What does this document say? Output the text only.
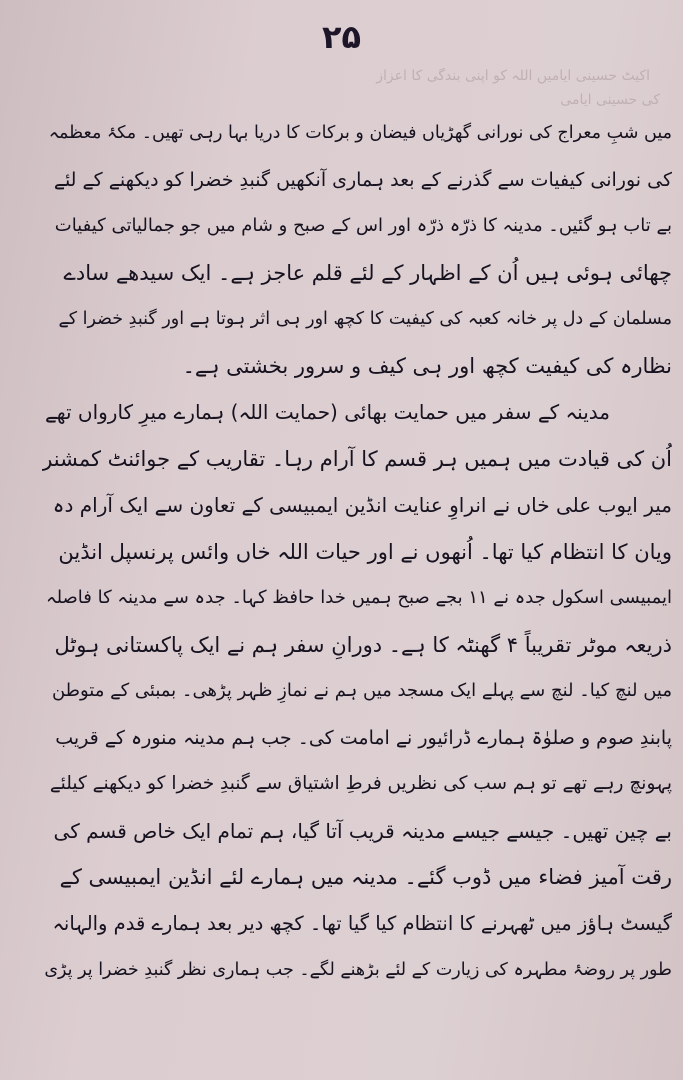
۲۵
اکیٹ حسینی ایامیں اللہ کو اپنی بندگی کا اعزاز
کی حسینی ایامی
میں شبِ معراج کی نورانی گھڑیاں فیضان و برکات کا دریا بہا رہی تھیں۔ مکۂ معظمہ
کی نورانی کیفیات سے گذرنے کے بعد ہماری آنکھیں گنبدِ خضرا کو دیکھنے کے لئے
بے تاب ہو گئیں۔ مدینہ کا ذرّہ ذرّہ اور اس کے صبح و شام میں جو جمالیاتی کیفیات
چھائی ہوئی ہیں اُن کے اظہار کے لئے قلم عاجز ہے۔ ایک سیدھے سادے
مسلمان کے دل پر خانہ کعبہ کی کیفیت کا کچھ اور ہی اثر ہوتا ہے اور گنبدِ خضرا کے
نظارہ کی کیفیت کچھ اور ہی کیف و سرور بخشتی ہے۔
مدینہ کے سفر میں حمایت بھائی (حمایت اللہ) ہمارے میرِ کارواں تھے
اُن کی قیادت میں ہمیں ہر قسم کا آرام رہا۔ تقاریب کے جوائنٹ کمشنر
میر ایوب علی خاں نے انراوِ عنایت انڈین ایمبیسی کے تعاون سے ایک آرام دہ
ویان کا انتظام کیا تھا۔ اُنھوں نے اور حیات اللہ خاں وائس پرنسپل انڈین
ایمبیسی اسکول جدہ نے ۱۱ بجے صبح ہمیں خدا حافظ کہا۔ جدہ سے مدینہ کا فاصلہ
ذریعہ موٹر تقریباً ۴ گھنٹہ کا ہے۔ دورانِ سفر ہم نے ایک پاکستانی ہوٹل
میں لنچ کیا۔ لنچ سے پہلے ایک مسجد میں ہم نے نمازِ ظہر پڑھی۔ بمبئی کے متوطن
پابندِ صوم و صلوٰۃ ہمارے ڈرائیور نے امامت کی۔ جب ہم مدینہ منورہ کے قریب
پہونچ رہے تھے تو ہم سب کی نظریں فرطِ اشتیاق سے گنبدِ خضرا کو دیکھنے کیلئے
بے چین تھیں۔ جیسے جیسے مدینہ قریب آتا گیا، ہم تمام ایک خاص قسم کی
رقت آمیز فضاء میں ڈوب گئے۔ مدینہ میں ہمارے لئے انڈین ایمبیسی کے
گیسٹ ہاؤز میں ٹھہرنے کا انتظام کیا گیا تھا۔ کچھ دیر بعد ہمارے قدم والہانہ
طور پر روضۂ مطہرہ کی زیارت کے لئے بڑھنے لگے۔ جب ہماری نظر گنبدِ خضرا پر پڑی
